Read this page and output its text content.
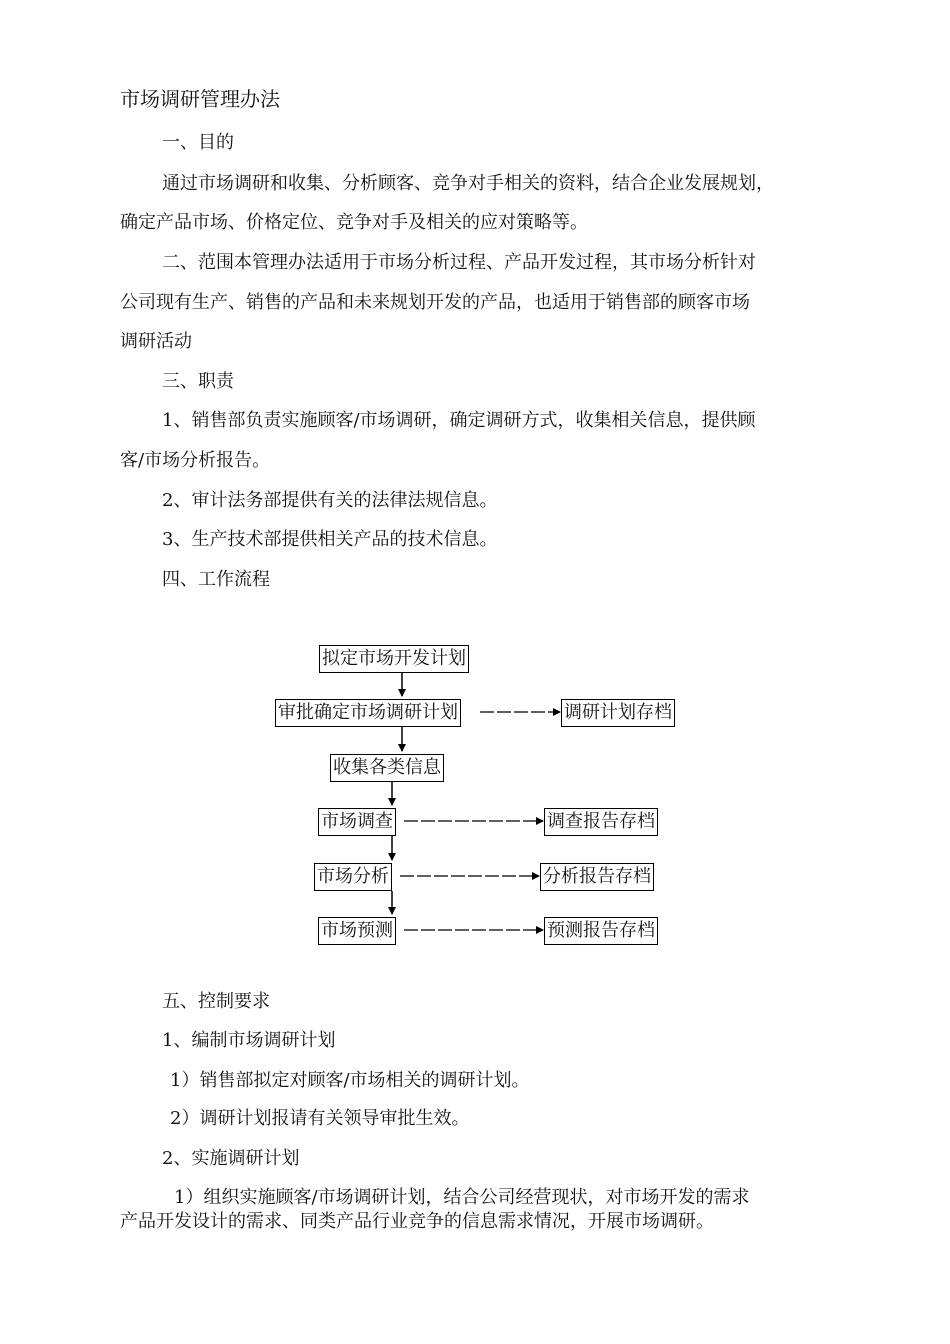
市场调研管理办法
一、目的
通过市场调研和收集、分析顾客、竞争对手相关的资料，结合企业发展规划，
确定产品市场、价格定位、竞争对手及相关的应对策略等。
二、范围本管理办法适用于市场分析过程、产品开发过程，其市场分析针对
公司现有生产、销售的产品和未来规划开发的产品，也适用于销售部的顾客市场
调研活动
三、职责
1、销售部负责实施顾客/市场调研，确定调研方式，收集相关信息，提供顾
客/市场分析报告。
2、审计法务部提供有关的法律法规信息。
3、生产技术部提供相关产品的技术信息。
四、工作流程
拟定市场开发计划
审批确定市场调研计划	调研计划存档
收集各类信息
市场调查	调查报告存档
市场分析	分析报告存档
市场预测	预测报告存档
五、控制要求
1、编制市场调研计划
1）销售部拟定对顾客/市场相关的调研计划。
2）调研计划报请有关领导审批生效。
2、实施调研计划
1）组织实施顾客/市场调研计划，结合公司经营现状，对市场开发的需求
产品开发设计的需求、同类产品行业竞争的信息需求情况，开展市场调研。
